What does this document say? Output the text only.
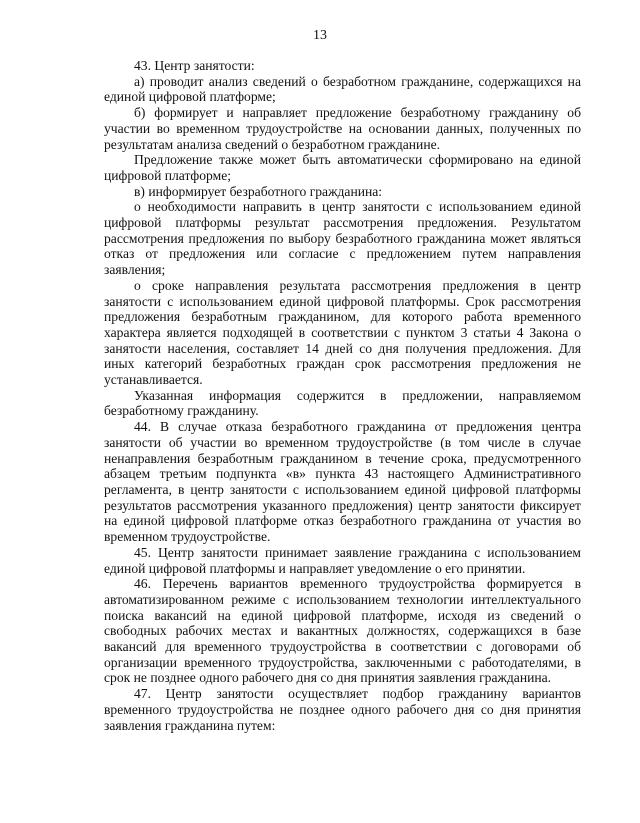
13

43. Центр занятости:

а) проводит анализ сведений о безработном гражданине, содержащихся на единой цифровой платформе;

б) формирует и направляет предложение безработному гражданину об участии во временном трудоустройстве на основании данных, полученных по результатам анализа сведений о безработном гражданине.

Предложение также может быть автоматически сформировано на единой цифровой платформе;

в) информирует безработного гражданина:

о необходимости направить в центр занятости с использованием единой цифровой платформы результат рассмотрения предложения. Результатом рассмотрения предложения по выбору безработного гражданина может являться отказ от предложения или согласие с предложением путем направления заявления;

о сроке направления результата рассмотрения предложения в центр занятости с использованием единой цифровой платформы. Срок рассмотрения предложения безработным гражданином, для которого работа временного характера является подходящей в соответствии с пунктом 3 статьи 4 Закона о занятости населения, составляет 14 дней со дня получения предложения. Для иных категорий безработных граждан срок рассмотрения предложения не устанавливается.

Указанная информация содержится в предложении, направляемом безработному гражданину.

44. В случае отказа безработного гражданина от предложения центра занятости об участии во временном трудоустройстве (в том числе в случае ненаправления безработным гражданином в течение срока, предусмотренного абзацем третьим подпункта «в» пункта 43 настоящего Административного регламента, в центр занятости с использованием единой цифровой платформы результатов рассмотрения указанного предложения) центр занятости фиксирует на единой цифровой платформе отказ безработного гражданина от участия во временном трудоустройстве.

45. Центр занятости принимает заявление гражданина с использованием единой цифровой платформы и направляет уведомление о его принятии.

46. Перечень вариантов временного трудоустройства формируется в автоматизированном режиме с использованием технологии интеллектуального поиска вакансий на единой цифровой платформе, исходя из сведений о свободных рабочих местах и вакантных должностях, содержащихся в базе вакансий для временного трудоустройства в соответствии с договорами об организации временного трудоустройства, заключенными с работодателями, в срок не позднее одного рабочего дня со дня принятия заявления гражданина.

47. Центр занятости осуществляет подбор гражданину вариантов временного трудоустройства не позднее одного рабочего дня со дня принятия заявления гражданина путем:
